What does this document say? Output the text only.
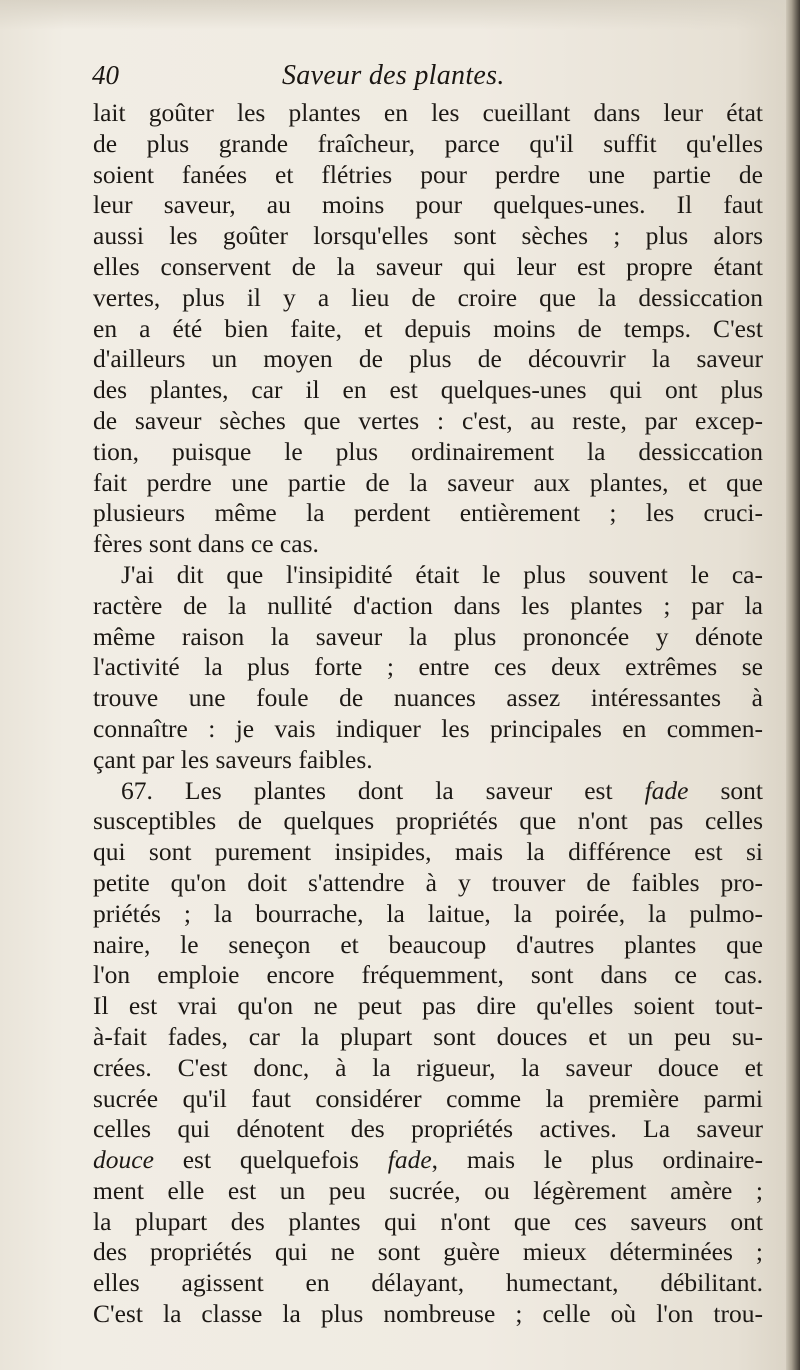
40	Saveur des plantes.
lait goûter les plantes en les cueillant dans leur état
de plus grande fraîcheur, parce qu'il suffit qu'elles
soient fanées et flétries pour perdre une partie de
leur saveur, au moins pour quelques-unes. Il faut
aussi les goûter lorsqu'elles sont sèches ; plus alors
elles conservent de la saveur qui leur est propre étant
vertes, plus il y a lieu de croire que la dessiccation
en a été bien faite, et depuis moins de temps. C'est
d'ailleurs un moyen de plus de découvrir la saveur
des plantes, car il en est quelques-unes qui ont plus
de saveur sèches que vertes : c'est, au reste, par excep-
tion, puisque le plus ordinairement la dessiccation
fait perdre une partie de la saveur aux plantes, et que
plusieurs même la perdent entièrement ; les cruci-
fères sont dans ce cas.
J'ai dit que l'insipidité était le plus souvent le ca-
ractère de la nullité d'action dans les plantes ; par la
même raison la saveur la plus prononcée y dénote
l'activité la plus forte ; entre ces deux extrêmes se
trouve une foule de nuances assez intéressantes à
connaître : je vais indiquer les principales en commen-
çant par les saveurs faibles.
67. Les plantes dont la saveur est fade sont
susceptibles de quelques propriétés que n'ont pas celles
qui sont purement insipides, mais la différence est si
petite qu'on doit s'attendre à y trouver de faibles pro-
priétés ; la bourrache, la laitue, la poirée, la pulmo-
naire, le seneçon et beaucoup d'autres plantes que
l'on emploie encore fréquemment, sont dans ce cas.
Il est vrai qu'on ne peut pas dire qu'elles soient tout-
à-fait fades, car la plupart sont douces et un peu su-
crées. C'est donc, à la rigueur, la saveur douce et
sucrée qu'il faut considérer comme la première parmi
celles qui dénotent des propriétés actives. La saveur
douce est quelquefois fade, mais le plus ordinaire-
ment elle est un peu sucrée, ou légèrement amère ;
la plupart des plantes qui n'ont que ces saveurs ont
des propriétés qui ne sont guère mieux déterminées ;
elles agissent en délayant, humectant, débilitant.
C'est la classe la plus nombreuse ; celle où l'on trou-
